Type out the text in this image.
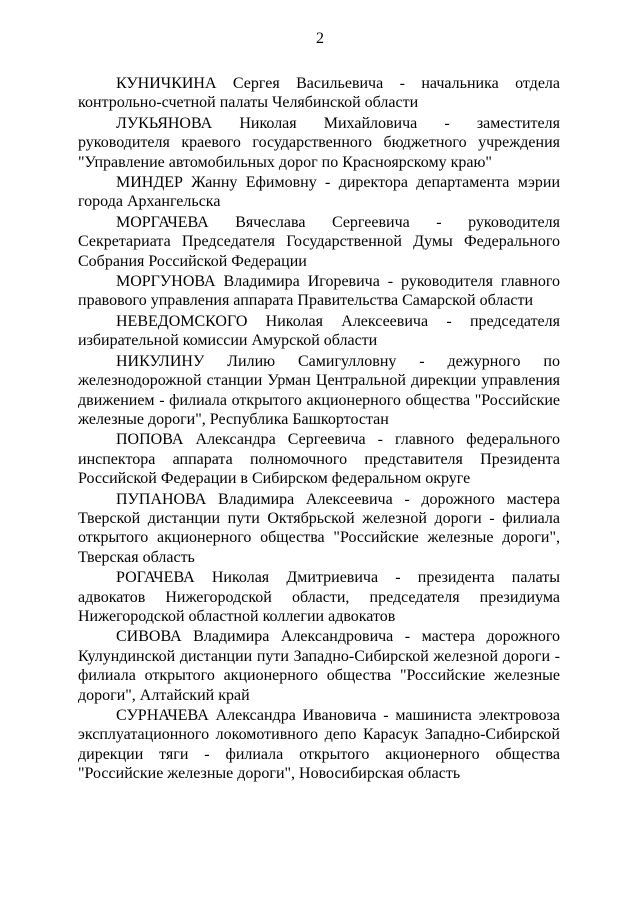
2

КУНИЧКИНА Сергея Васильевича - начальника отдела контрольно-счетной палаты Челябинской области

ЛУКЬЯНОВА Николая Михайловича - заместителя руководителя краевого государственного бюджетного учреждения "Управление автомобильных дорог по Красноярскому краю"

МИНДЕР Жанну Ефимовну - директора департамента мэрии города Архангельска

МОРГАЧЕВА Вячеслава Сергеевича - руководителя Секретариата Председателя Государственной Думы Федерального Собрания Российской Федерации

МОРГУНОВА Владимира Игоревича - руководителя главного правового управления аппарата Правительства Самарской области

НЕВЕДОМСКОГО Николая Алексеевича - председателя избирательной комиссии Амурской области

НИКУЛИНУ Лилию Самигулловну - дежурного по железнодорожной станции Урман Центральной дирекции управления движением - филиала открытого акционерного общества "Российские железные дороги", Республика Башкортостан

ПОПОВА Александра Сергеевича - главного федерального инспектора аппарата полномочного представителя Президента Российской Федерации в Сибирском федеральном округе

ПУПАНОВА Владимира Алексеевича - дорожного мастера Тверской дистанции пути Октябрьской железной дороги - филиала открытого акционерного общества "Российские железные дороги", Тверская область

РОГАЧЕВА Николая Дмитриевича - президента палаты адвокатов Нижегородской области, председателя президиума Нижегородской областной коллегии адвокатов

СИВОВА Владимира Александровича - мастера дорожного Кулундинской дистанции пути Западно-Сибирской железной дороги - филиала открытого акционерного общества "Российские железные дороги", Алтайский край

СУРНАЧЕВА Александра Ивановича - машиниста электровоза эксплуатационного локомотивного депо Карасук Западно-Сибирской дирекции тяги - филиала открытого акционерного общества "Российские железные дороги", Новосибирская область
